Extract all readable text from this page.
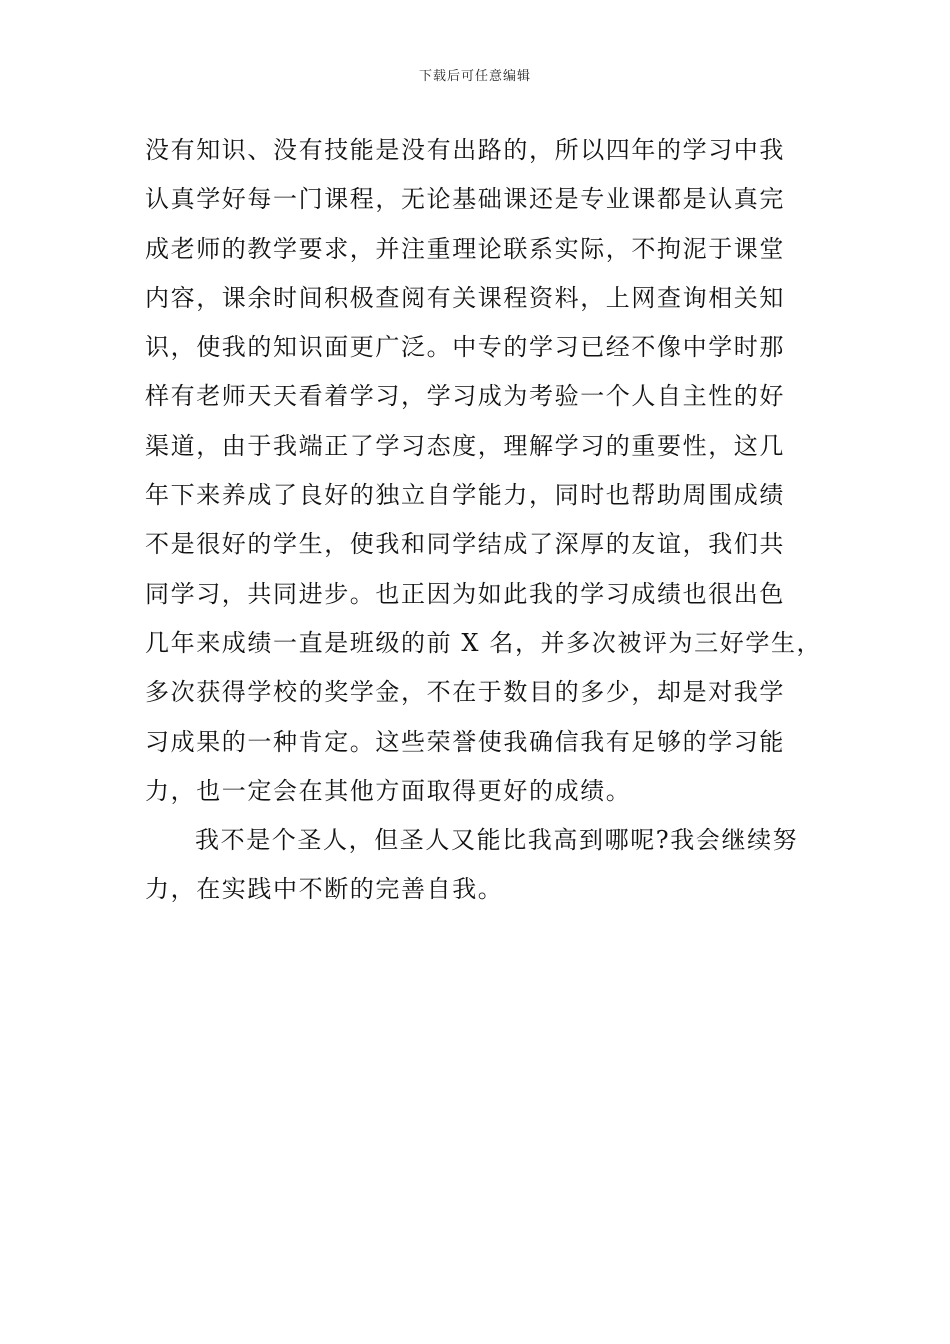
下载后可任意编辑
没有知识、没有技能是没有出路的，所以四年的学习中我
认真学好每一门课程，无论基础课还是专业课都是认真完
成老师的教学要求，并注重理论联系实际，不拘泥于课堂
内容，课余时间积极查阅有关课程资料，上网查询相关知
识，使我的知识面更广泛。中专的学习已经不像中学时那
样有老师天天看着学习，学习成为考验一个人自主性的好
渠道，由于我端正了学习态度，理解学习的重要性，这几
年下来养成了良好的独立自学能力，同时也帮助周围成绩
不是很好的学生，使我和同学结成了深厚的友谊，我们共
同学习，共同进步。也正因为如此我的学习成绩也很出色
几年来成绩一直是班级的前 X 名，并多次被评为三好学生，
多次获得学校的奖学金，不在于数目的多少，却是对我学
习成果的一种肯定。这些荣誉使我确信我有足够的学习能
力，也一定会在其他方面取得更好的成绩。
我不是个圣人，但圣人又能比我高到哪呢?我会继续努
力，在实践中不断的完善自我。
